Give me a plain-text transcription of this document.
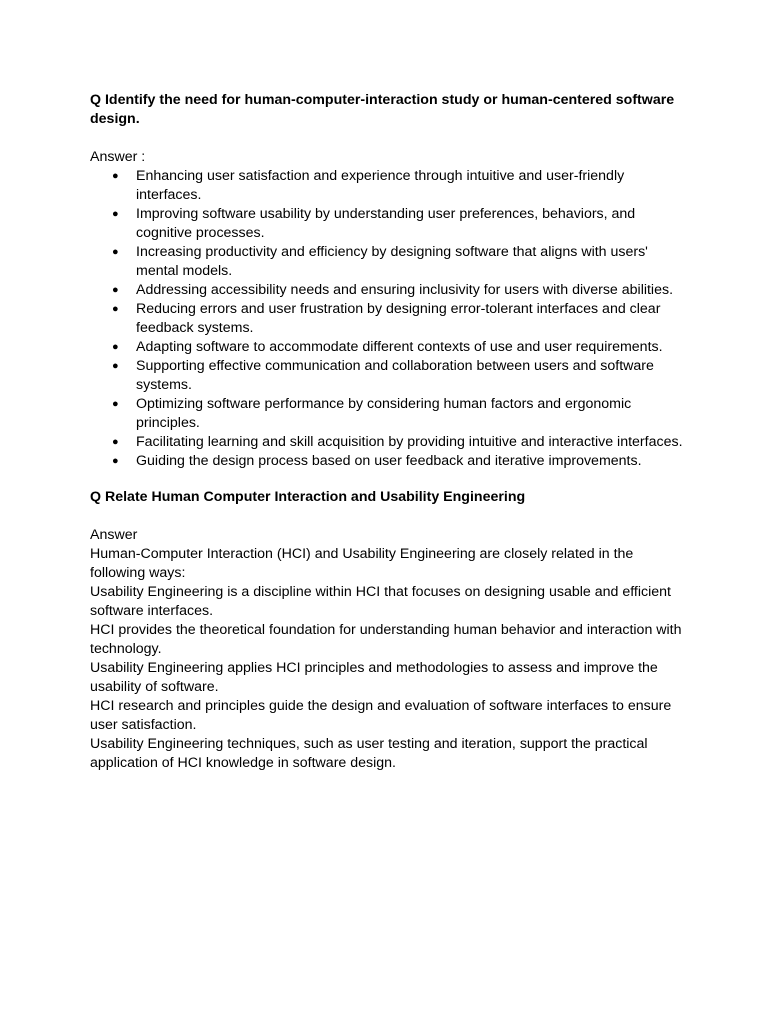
Q Identify the need for human-computer-interaction study or human-centered software design.

Answer :

● Enhancing user satisfaction and experience through intuitive and user-friendly interfaces.
● Improving software usability by understanding user preferences, behaviors, and cognitive processes.
● Increasing productivity and efficiency by designing software that aligns with users' mental models.
● Addressing accessibility needs and ensuring inclusivity for users with diverse abilities.
● Reducing errors and user frustration by designing error-tolerant interfaces and clear feedback systems.
● Adapting software to accommodate different contexts of use and user requirements.
● Supporting effective communication and collaboration between users and software systems.
● Optimizing software performance by considering human factors and ergonomic principles.
● Facilitating learning and skill acquisition by providing intuitive and interactive interfaces.
● Guiding the design process based on user feedback and iterative improvements.

Q Relate Human Computer Interaction and Usability Engineering

Answer

Human-Computer Interaction (HCI) and Usability Engineering are closely related in the following ways:

Usability Engineering is a discipline within HCI that focuses on designing usable and efficient software interfaces.

HCI provides the theoretical foundation for understanding human behavior and interaction with technology.

Usability Engineering applies HCI principles and methodologies to assess and improve the usability of software.

HCI research and principles guide the design and evaluation of software interfaces to ensure user satisfaction.

Usability Engineering techniques, such as user testing and iteration, support the practical application of HCI knowledge in software design.
